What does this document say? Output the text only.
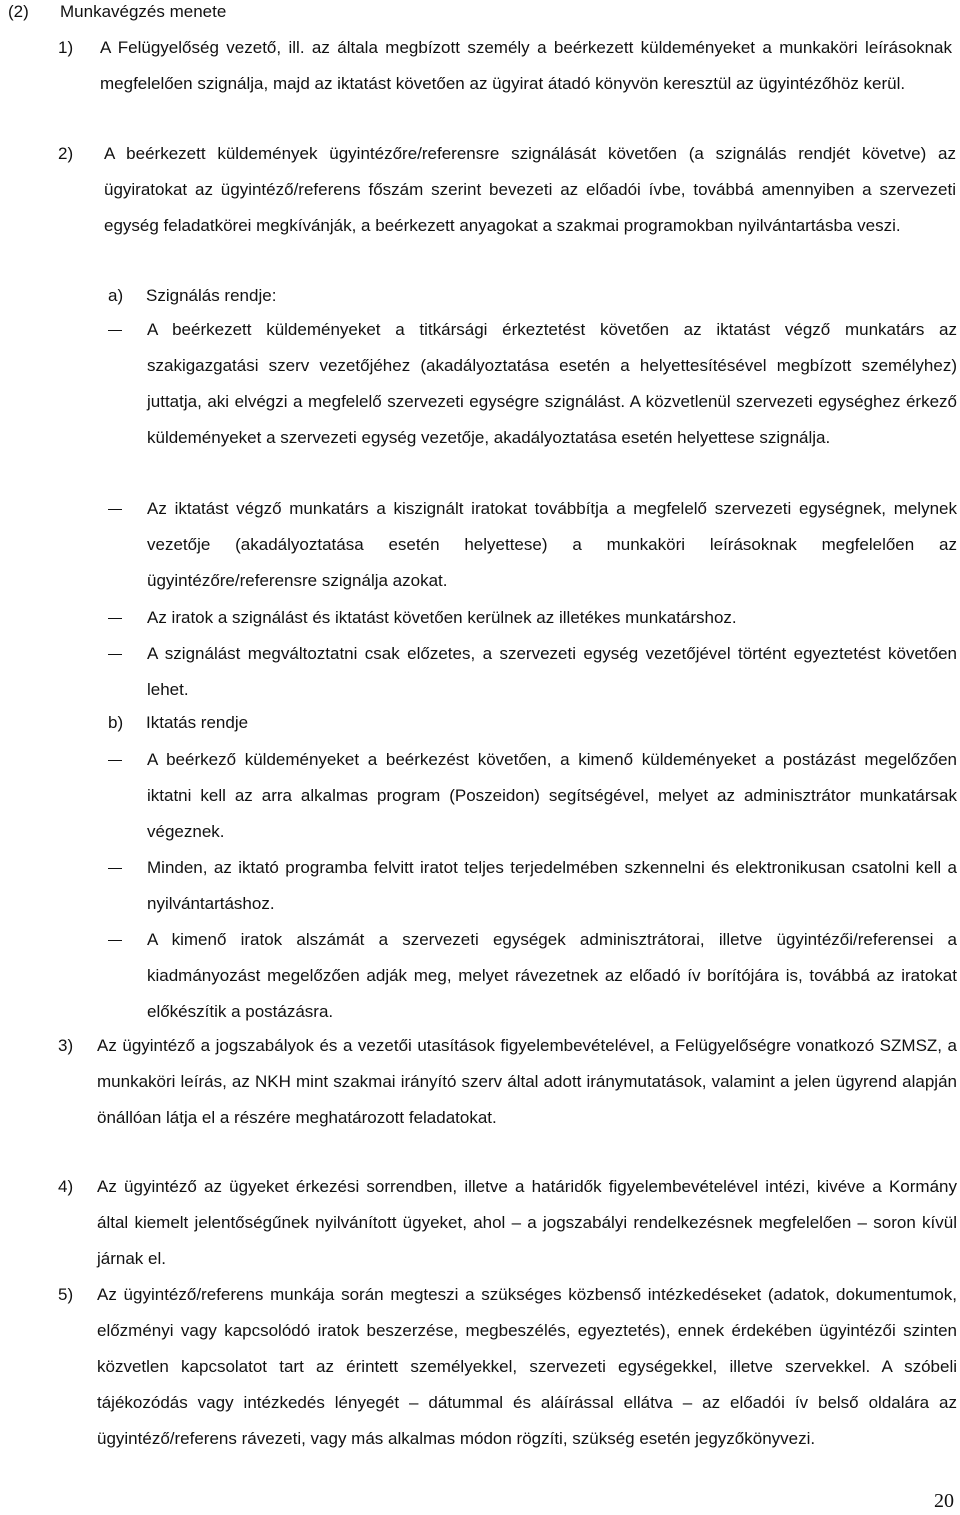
(2) Munkavégzés menete
1) A Felügyelőség vezető, ill. az általa megbízott személy a beérkezett küldeményeket a munkaköri leírásoknak megfelelően szignálja, majd az iktatást követően az ügyirat átadó könyvön keresztül az ügyintézőhöz kerül.
2) A beérkezett küldemények ügyintézőre/referensre szignálását követően (a szignálás rendjét követve) az ügyiratokat az ügyintéző/referens főszám szerint bevezeti az előadói ívbe, továbbá amennyiben a szervezeti egység feladatkörei megkívánják, a beérkezett anyagokat a szakmai programokban nyilvántartásba veszi.
a) Szignálás rendje:
A beérkezett küldeményeket a titkársági érkeztetést követően az iktatást végző munkatárs az szakigazgatási szerv vezetőjéhez (akadályoztatása esetén a helyettesítésével megbízott személyhez) juttatja, aki elvégzi a megfelelő szervezeti egységre szignálást. A közvetlenül szervezeti egységhez érkező küldeményeket a szervezeti egység vezetője, akadályoztatása esetén helyettese szignálja.
Az iktatást végző munkatárs a kiszignált iratokat továbbítja a megfelelő szervezeti egységnek, melynek vezetője (akadályoztatása esetén helyettese) a munkaköri leírásoknak megfelelően az ügyintézőre/referensre szignálja azokat.
Az iratok a szignálást és iktatást követően kerülnek az illetékes munkatárshoz.
A szignálást megváltoztatni csak előzetes, a szervezeti egység vezetőjével történt egyeztetést követően lehet.
b) Iktatás rendje
A beérkező küldeményeket a beérkezést követően, a kimenő küldeményeket a postázást megelőzően iktatni kell az arra alkalmas program (Poszeidon) segítségével, melyet az adminisztrátor munkatársak végeznek.
Minden, az iktató programba felvitt iratot teljes terjedelmében szkennelni és elektronikusan csatolni kell a nyilvántartáshoz.
A kimenő iratok alszámát a szervezeti egységek adminisztrátorai, illetve ügyintézői/referensei a kiadmányozást megelőzően adják meg, melyet rávezetnek az előadó ív borítójára is, továbbá az iratokat előkészítik a postázásra.
3) Az ügyintéző a jogszabályok és a vezetői utasítások figyelembevételével, a Felügyelőségre vonatkozó SZMSZ, a munkaköri leírás, az NKH mint szakmai irányító szerv által adott iránymutatások, valamint a jelen ügyrend alapján önállóan látja el a részére meghatározott feladatokat.
4) Az ügyintéző az ügyeket érkezési sorrendben, illetve a határidők figyelembevételével intézi, kivéve a Kormány által kiemelt jelentőségűnek nyilvánított ügyeket, ahol – a jogszabályi rendelkezésnek megfelelően – soron kívül járnak el.
5) Az ügyintéző/referens munkája során megteszi a szükséges közbenső intézkedéseket (adatok, dokumentumok, előzményi vagy kapcsolódó iratok beszerzése, megbeszélés, egyeztetés), ennek érdekében ügyintézői szinten közvetlen kapcsolatot tart az érintett személyekkel, szervezeti egységekkel, illetve szervekkel. A szóbeli tájékozódás vagy intézkedés lényegét – dátummal és aláírással ellátva – az előadói ív belső oldalára az ügyintéző/referens rávezeti, vagy más alkalmas módon rögzíti, szükség esetén jegyzőkönyvezi.
20
